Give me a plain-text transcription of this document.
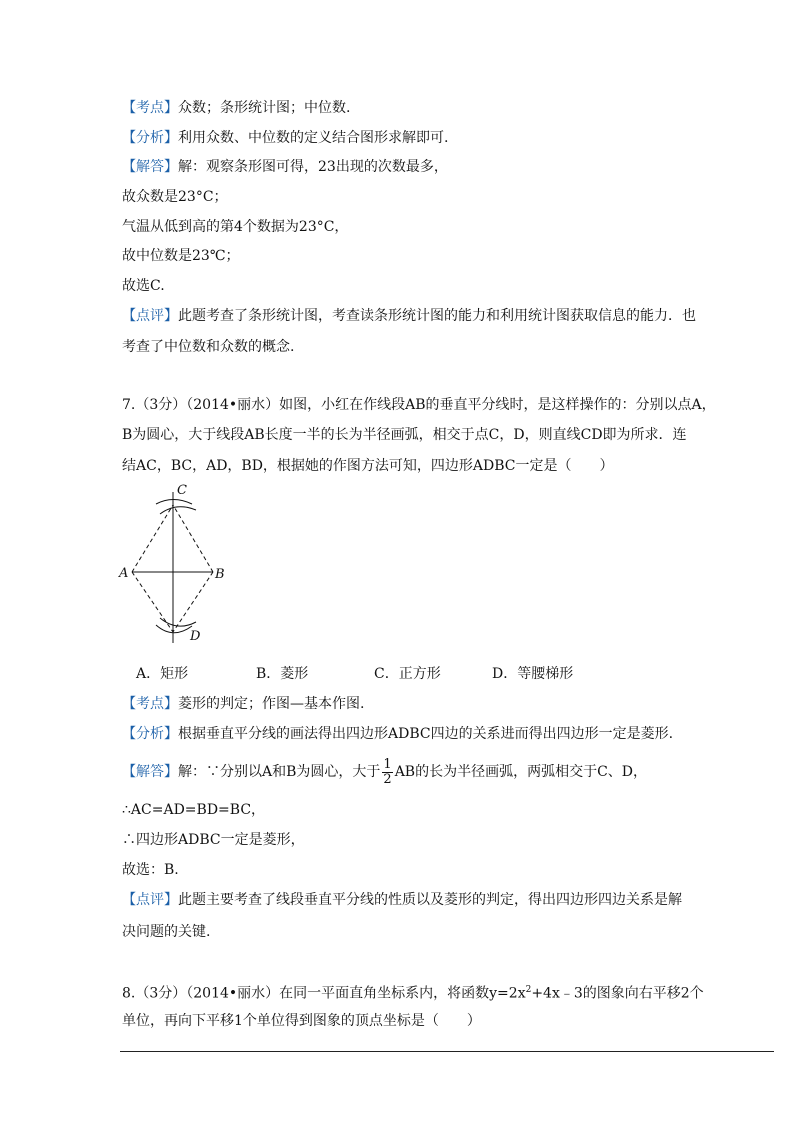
【考点】众数；条形统计图；中位数.
【分析】利用众数、中位数的定义结合图形求解即可.
【解答】解：观察条形图可得，23出现的次数最多，
故众数是23°C；
气温从低到高的第4个数据为23°C，
故中位数是23℃；
故选C.
【点评】此题考查了条形统计图，考查读条形统计图的能力和利用统计图获取信息的能力．也
考查了中位数和众数的概念.
7.（3分）（2014•丽水）如图，小红在作线段AB的垂直平分线时，是这样操作的：分别以点A，
B为圆心，大于线段AB长度一半的长为半径画弧，相交于点C，D，则直线CD即为所求．连
结AC，BC，AD，BD，根据她的作图方法可知，四边形ADBC一定是（　　）
C
A	B
D
A．矩形	B．菱形	C．正方形	D．等腰梯形
【考点】菱形的判定；作图—基本作图.
【分析】根据垂直平分线的画法得出四边形ADBC四边的关系进而得出四边形一定是菱形.
【解答】解：∵分别以A和B为圆心，大于 $\frac{1}{2}$ AB的长为半径画弧，两弧相交于C、D，
∴AC=AD=BD=BC，
∴四边形ADBC一定是菱形，
故选：B.
【点评】此题主要考查了线段垂直平分线的性质以及菱形的判定，得出四边形四边关系是解
决问题的关键.
8.（3分）（2014•丽水）在同一平面直角坐标系内，将函数$y=2x^2+4x﹣3$的图象向右平移2个
单位，再向下平移1个单位得到图象的顶点坐标是（　　）
